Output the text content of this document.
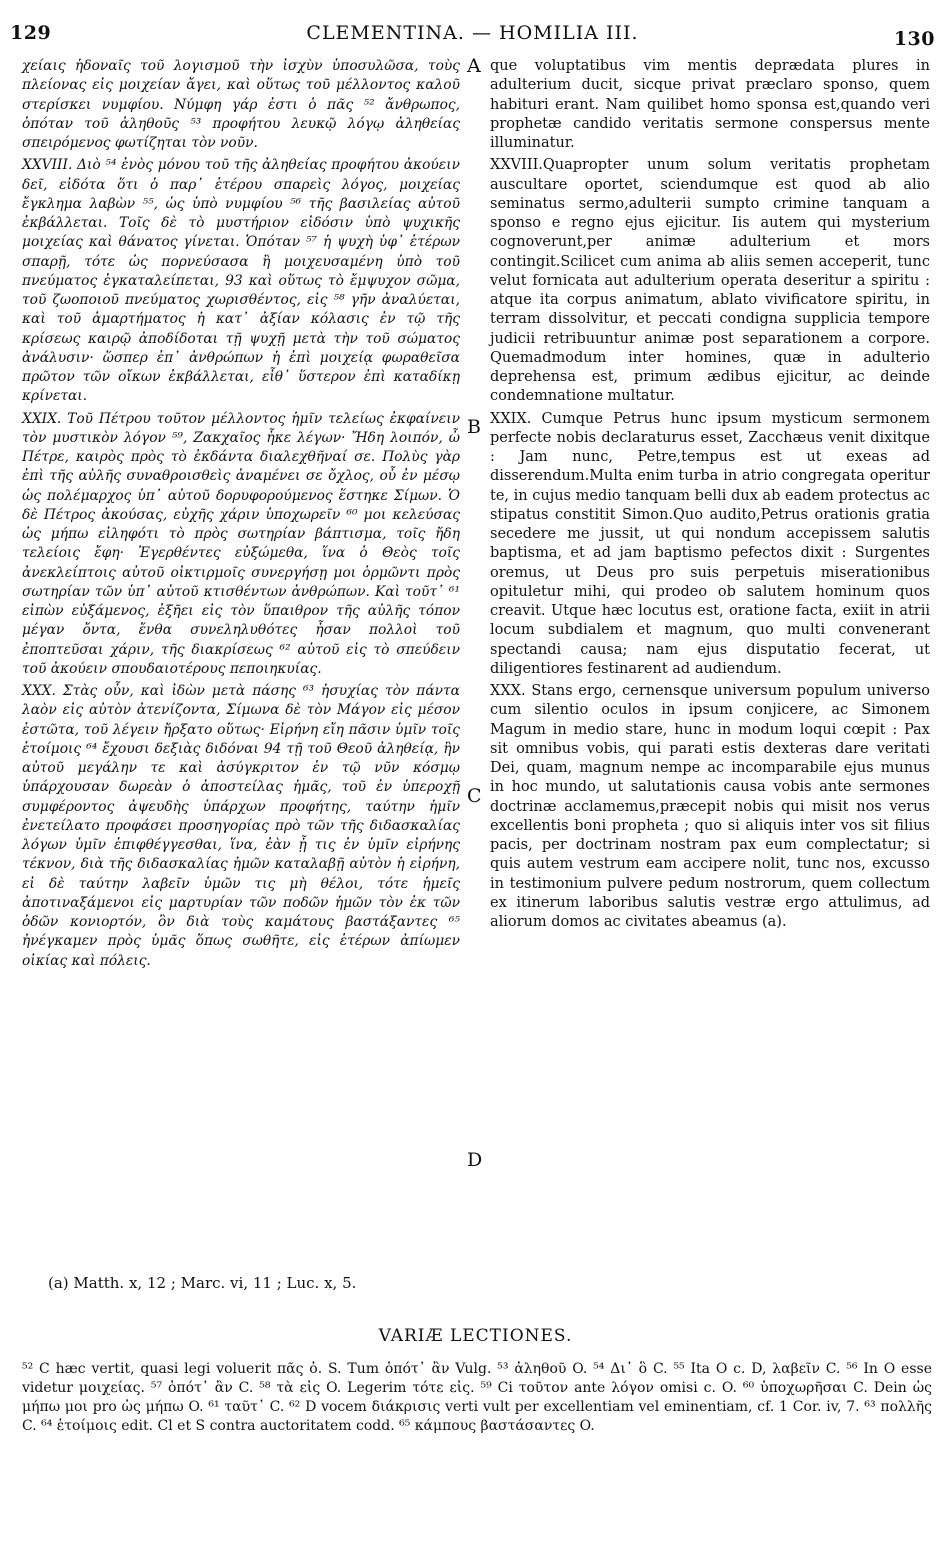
129	CLEMENTINA. — HOMILIA III.	130

χείαις ἡδοναῖς τοῦ λογισμοῦ τὴν ἰσχὺν ὑποσυλῶσα, τοὺς πλείονας εἰς μοιχείαν ἄγει, καὶ οὕτως τοῦ μέλλοντος καλοῦ στερίσκει νυμφίου. Νύμφη γάρ ἐστι ὁ πᾶς ⁵² ἄνθρωπος, ὁπόταν τοῦ ἀληθοῦς ⁵³ προφήτου λευκῷ λόγῳ ἀληθείας σπειρόμενος φωτίζηται τὸν νοῦν.

XXVIII. Διὸ ⁵⁴ ἑνὸς μόνου τοῦ τῆς ἀληθείας προφήτου ἀκούειν δεῖ, εἰδότα ὅτι ὁ παρ᾽ ἑτέρου σπαρεὶς λόγος, μοιχείας ἔγκλημα λαβὼν ⁵⁵, ὡς ὑπὸ νυμφίου ⁵⁶ τῆς βασιλείας αὐτοῦ ἐκβάλλεται. Τοῖς δὲ τὸ μυστήριον εἰδόσιν ὑπὸ ψυχικῆς μοιχείας καὶ θάνατος γίνεται. Ὁπόταν ⁵⁷ ἡ ψυχὴ ὑφ᾽ ἑτέρων σπαρῇ, τότε ὡς πορνεύσασα ἢ μοιχευσαμένη ὑπὸ τοῦ πνεύματος ἐγκαταλείπεται, 93 καὶ οὕτως τὸ ἔμψυχον σῶμα, τοῦ ζωοποιοῦ πνεύματος χωρισθέντος, εἰς ⁵⁸ γῆν ἀναλύεται, καὶ τοῦ ἁμαρτήματος ἡ κατ᾽ ἀξίαν κόλασις ἐν τῷ τῆς κρίσεως καιρῷ ἀποδίδοται τῇ ψυχῇ μετὰ τὴν τοῦ σώματος ἀνάλυσιν· ὥσπερ ἐπ᾽ ἀνθρώπων ἡ ἐπὶ μοιχείᾳ φωραθεῖσα πρῶτον τῶν οἴκων ἐκβάλλεται, εἶθ᾽ ὕστερον ἐπὶ καταδίκῃ κρίνεται.

XXIX. Τοῦ Πέτρου τοῦτον μέλλοντος ἡμῖν τελείως ἐκφαίνειν τὸν μυστικὸν λόγον ⁵⁹, Ζακχαῖος ἧκε λέγων· Ἤδη λοιπόν, ὦ Πέτρε, καιρὸς πρὸς τὸ ἐκδάντα διαλεχθῆναί σε. Πολὺς γὰρ ἐπὶ τῆς αὐλῆς συναθροισθεὶς ἀναμένει σε ὄχλος, οὗ ἐν μέσῳ ὡς πολέμαρχος ὑπ᾽ αὐτοῦ δορυφορούμενος ἕστηκε Σίμων. Ὁ δὲ Πέτρος ἀκούσας, εὐχῆς χάριν ὑποχωρεῖν ⁶⁰ μοι κελεύσας ὡς μήπω εἰληφότι τὸ πρὸς σωτηρίαν βάπτισμα, τοῖς ἤδη τελείοις ἔφη· Ἐγερθέντες εὐξώμεθα, ἵνα ὁ Θεὸς τοῖς ἀνεκλείπτοις αὐτοῦ οἰκτιρμοῖς συνεργήσῃ μοι ὁρμῶντι πρὸς σωτηρίαν τῶν ὑπ᾽ αὐτοῦ κτισθέντων ἀνθρώπων. Καὶ τοῦτ᾽ ⁶¹ εἰπὼν εὐξάμενος, ἐξῆει εἰς τὸν ὕπαιθρον τῆς αὐλῆς τόπον μέγαν ὄντα, ἔνθα συνεληλυθότες ἦσαν πολλοὶ τοῦ ἐποπτεῦσαι χάριν, τῆς διακρίσεως ⁶² αὐτοῦ εἰς τὸ σπεύδειν τοῦ ἀκούειν σπουδαιοτέρους πεποιηκυίας.

XXX. Στὰς οὖν, καὶ ἰδὼν μετὰ πάσης ⁶³ ἡσυχίας τὸν πάντα λαὸν εἰς αὐτὸν ἀτενίζοντα, Σίμωνα δὲ τὸν Μάγον εἰς μέσον ἑστῶτα, τοῦ λέγειν ἤρξατο οὕτως· Εἰρήνη εἴη πᾶσιν ὑμῖν τοῖς ἑτοίμοις ⁶⁴ ἔχουσι δεξιὰς διδόναι 94 τῇ τοῦ Θεοῦ ἀληθείᾳ, ἣν αὐτοῦ μεγάλην τε καὶ ἀσύγκριτον ἐν τῷ νῦν κόσμῳ ὑπάρχουσαν δωρεὰν ὁ ἀποστείλας ἡμᾶς, τοῦ ἐν ὑπεροχῇ συμφέροντος ἀψευδὴς ὑπάρχων προφήτης, ταύτην ἡμῖν ἐνετείλατο προφάσει προσηγορίας πρὸ τῶν τῆς διδασκαλίας λόγων ὑμῖν ἐπιφθέγγεσθαι, ἵνα, ἐὰν ᾖ τις ἐν ὑμῖν εἰρήνης τέκνον, διὰ τῆς διδασκαλίας ἡμῶν καταλαβῇ αὐτὸν ἡ εἰρήνη, εἰ δὲ ταύτην λαβεῖν ὑμῶν τις μὴ θέλοι, τότε ἡμεῖς ἀποτιναξάμενοι εἰς μαρτυρίαν τῶν ποδῶν ἡμῶν τὸν ἐκ τῶν ὁδῶν κονιορτόν, ὃν διὰ τοὺς καμάτους βαστάξαντες ⁶⁵ ἠνέγκαμεν πρὸς ὑμᾶς ὅπως σωθῆτε, εἰς ἑτέρων ἀπίωμεν οἰκίας καὶ πόλεις.

A
B
C
D

que voluptatibus vim mentis deprædata plures in adulterium ducit, sicque privat præclaro sponso, quem habituri erant. Nam quilibet homo sponsa est,quando veri prophetæ candido veritatis sermone conspersus mente illuminatur.

XXVIII.Quapropter unum solum veritatis prophetam auscultare oportet, sciendumque est quod ab alio seminatus sermo,adulterii sumpto crimine tanquam a sponso e regno ejus ejicitur. Iis autem qui mysterium cognoverunt,per animæ adulterium et mors contingit.Scilicet cum anima ab aliis semen acceperit, tunc velut fornicata aut adulterium operata deseritur a spiritu : atque ita corpus animatum, ablato vivificatore spiritu, in terram dissolvitur, et peccati condigna supplicia tempore judicii retribuuntur animæ post separationem a corpore. Quemadmodum inter homines, quæ in adulterio deprehensa est, primum ædibus ejicitur, ac deinde condemnatione multatur.

XXIX. Cumque Petrus hunc ipsum mysticum sermonem perfecte nobis declaraturus esset, Zacchæus venit dixitque : Jam nunc, Petre,tempus est ut exeas ad disserendum.Multa enim turba in atrio congregata operitur te, in cujus medio tanquam belli dux ab eadem protectus ac stipatus constitit Simon.Quo audito,Petrus orationis gratia secedere me jussit, ut qui nondum accepissem salutis baptisma, et ad jam baptismo pefectos dixit : Surgentes oremus, ut Deus pro suis perpetuis miserationibus opituletur mihi, qui prodeo ob salutem hominum quos creavit. Utque hæc locutus est, oratione facta, exiit in atrii locum subdialem et magnum, quo multi convenerant spectandi causa; nam ejus disputatio fecerat, ut diligentiores festinarent ad audiendum.

XXX. Stans ergo, cernensque universum populum universo cum silentio oculos in ipsum conjicere, ac Simonem Magum in medio stare, hunc in modum loqui cœpit : Pax sit omnibus vobis, qui parati estis dexteras dare veritati Dei, quam, magnum nempe ac incomparabile ejus munus in hoc mundo, ut salutationis causa vobis ante sermones doctrinæ acclamemus,præcepit nobis qui misit nos verus excellentis boni propheta ; quo si aliquis inter vos sit filius pacis, per doctrinam nostram pax eum complectatur; si quis autem vestrum eam accipere nolit, tunc nos, excusso in testimonium pulvere pedum nostrorum, quem collectum ex itinerum laboribus salutis vestræ ergo attulimus, ad aliorum domos ac civitates abeamus (a).

(a) Matth. x, 12 ; Marc. vi, 11 ; Luc. x, 5.
VARIÆ LECTIONES.
⁵² C hæc vertit, quasi legi voluerit πᾶς ὁ. S. Tum ὁπότ᾽ ἂν Vulg. ⁵³ ἀληθοῦ O. ⁵⁴ Δι᾽ ὃ C. ⁵⁵ Ita O c. D, λαβεῖν C. ⁵⁶ In O esse videtur μοιχείας. ⁵⁷ ὁπότ᾽ ἂν C. ⁵⁸ τὰ εἰς O. Legerim τότε εἰς. ⁵⁹ Ci τοῦτον ante λόγον omisi c. O. ⁶⁰ ὑποχωρῆσαι C. Dein ὡς μήπω μοι pro ὡς μήπω O. ⁶¹ ταῦτ᾽ C. ⁶² D vocem διάκρισις verti vult per excellentiam vel eminentiam, cf. 1 Cor. iv, 7. ⁶³ πολλῆς C. ⁶⁴ ἑτοίμοις edit. Cl et S contra auctoritatem codd. ⁶⁵ κάμπους βαστάσαντες O.
